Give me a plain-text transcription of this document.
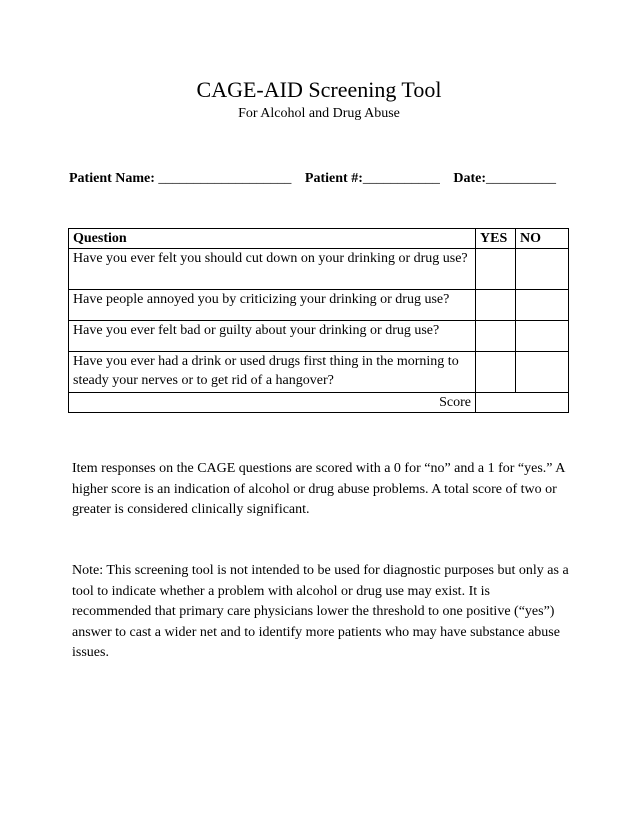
CAGE-AID Screening Tool
For Alcohol and Drug Abuse
Patient Name: ___________________ Patient #:___________ Date:__________
Question	YES	NO
Have you ever felt you should cut down on your drinking or drug use?		
Have people annoyed you by criticizing your drinking or drug use?		
Have you ever felt bad or guilty about your drinking or drug use?		
Have you ever had a drink or used drugs first thing in the morning to steady your nerves or to get rid of a hangover?		
Score		
Item responses on the CAGE questions are scored with a 0 for “no” and a 1 for “yes.” A higher score is an indication of alcohol or drug abuse problems. A total score of two or greater is considered clinically significant.
Note: This screening tool is not intended to be used for diagnostic purposes but only as a tool to indicate whether a problem with alcohol or drug use may exist. It is recommended that primary care physicians lower the threshold to one positive (“yes”) answer to cast a wider net and to identify more patients who may have substance abuse issues.
